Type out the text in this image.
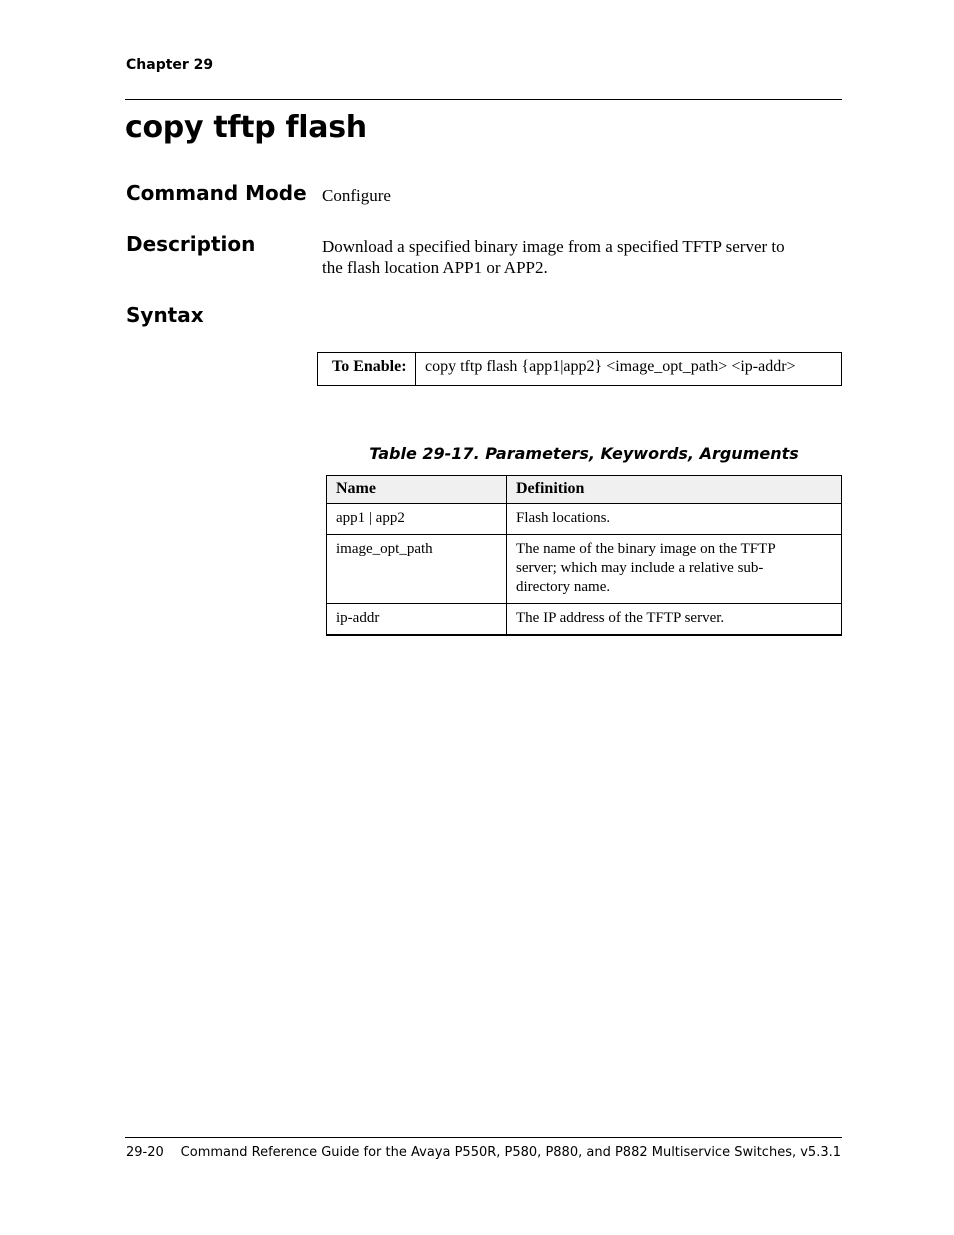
Chapter 29
copy tftp flash
Command Mode Configure

Description	Download a specified binary image from a specified TFTP server to
the flash location APP1 or APP2.
Syntax
To Enable:	copy tftp flash {app1|app2} <image_opt_path> <ip-addr>
Table 29-17. Parameters, Keywords, Arguments
Name	Definition
app1 | app2	Flash locations.
image_opt_path	The name of the binary image on the TFTP
server; which may include a relative sub-
directory name.

ip-addr	The IP address of the TFTP server.
29-20 Command Reference Guide for the Avaya P550R, P580, P880, and P882 Multiservice Switches, v5.3.1
